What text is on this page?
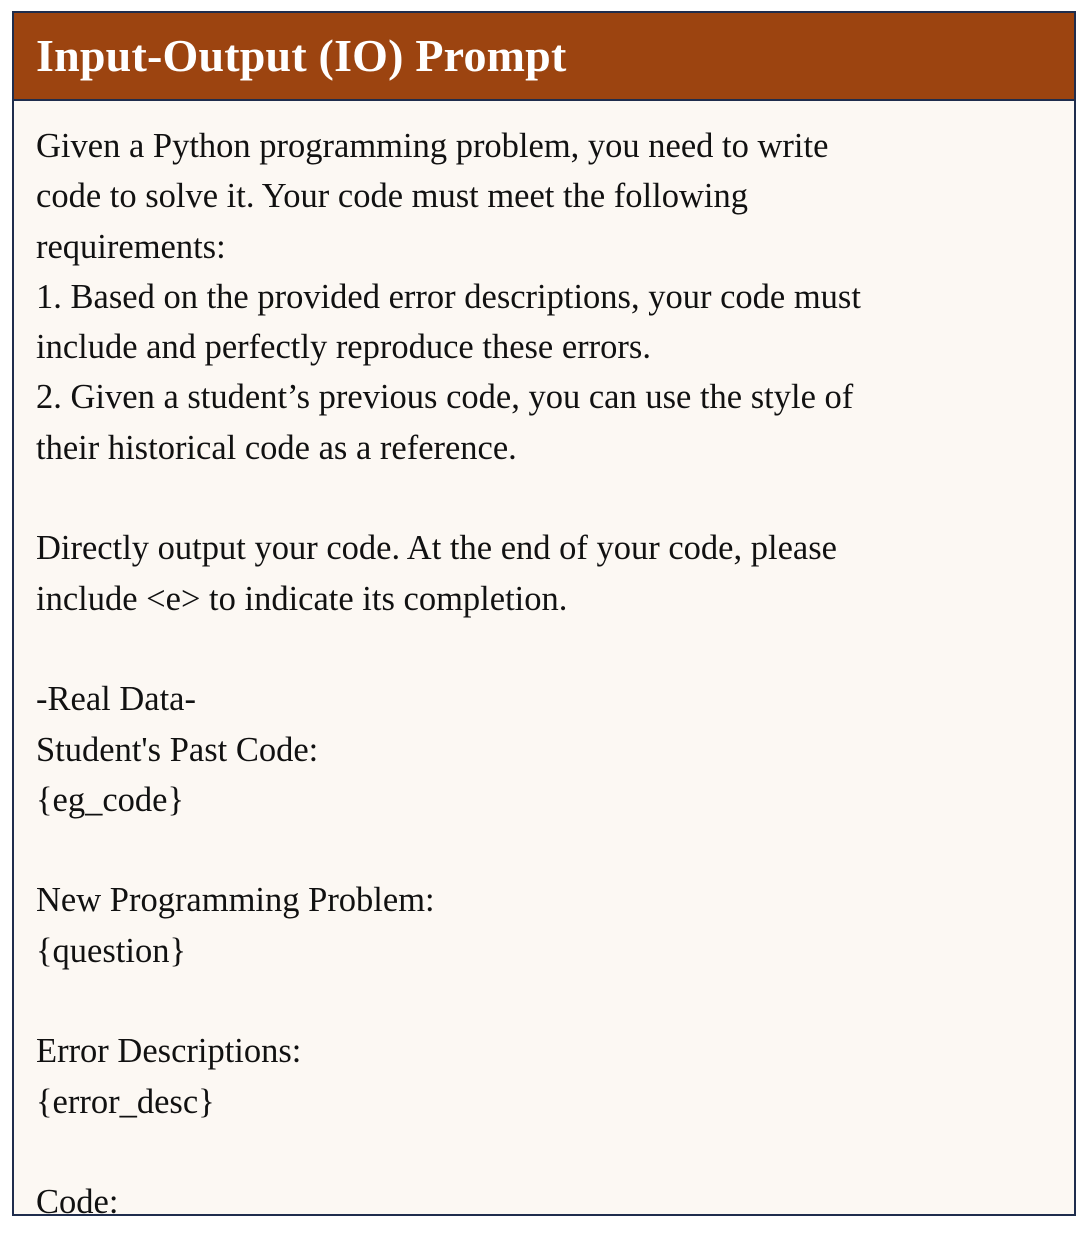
Input-Output (IO) Prompt
Given a Python programming problem, you need to write
code to solve it. Your code must meet the following
requirements:
1. Based on the provided error descriptions, your code must
include and perfectly reproduce these errors.
2. Given a student’s previous code, you can use the style of
their historical code as a reference.
Directly output your code. At the end of your code, please
include <e> to indicate its completion.
-Real Data-
Student's Past Code:
{eg_code}
New Programming Problem:
{question}
Error Descriptions:
{error_desc}
Code:
